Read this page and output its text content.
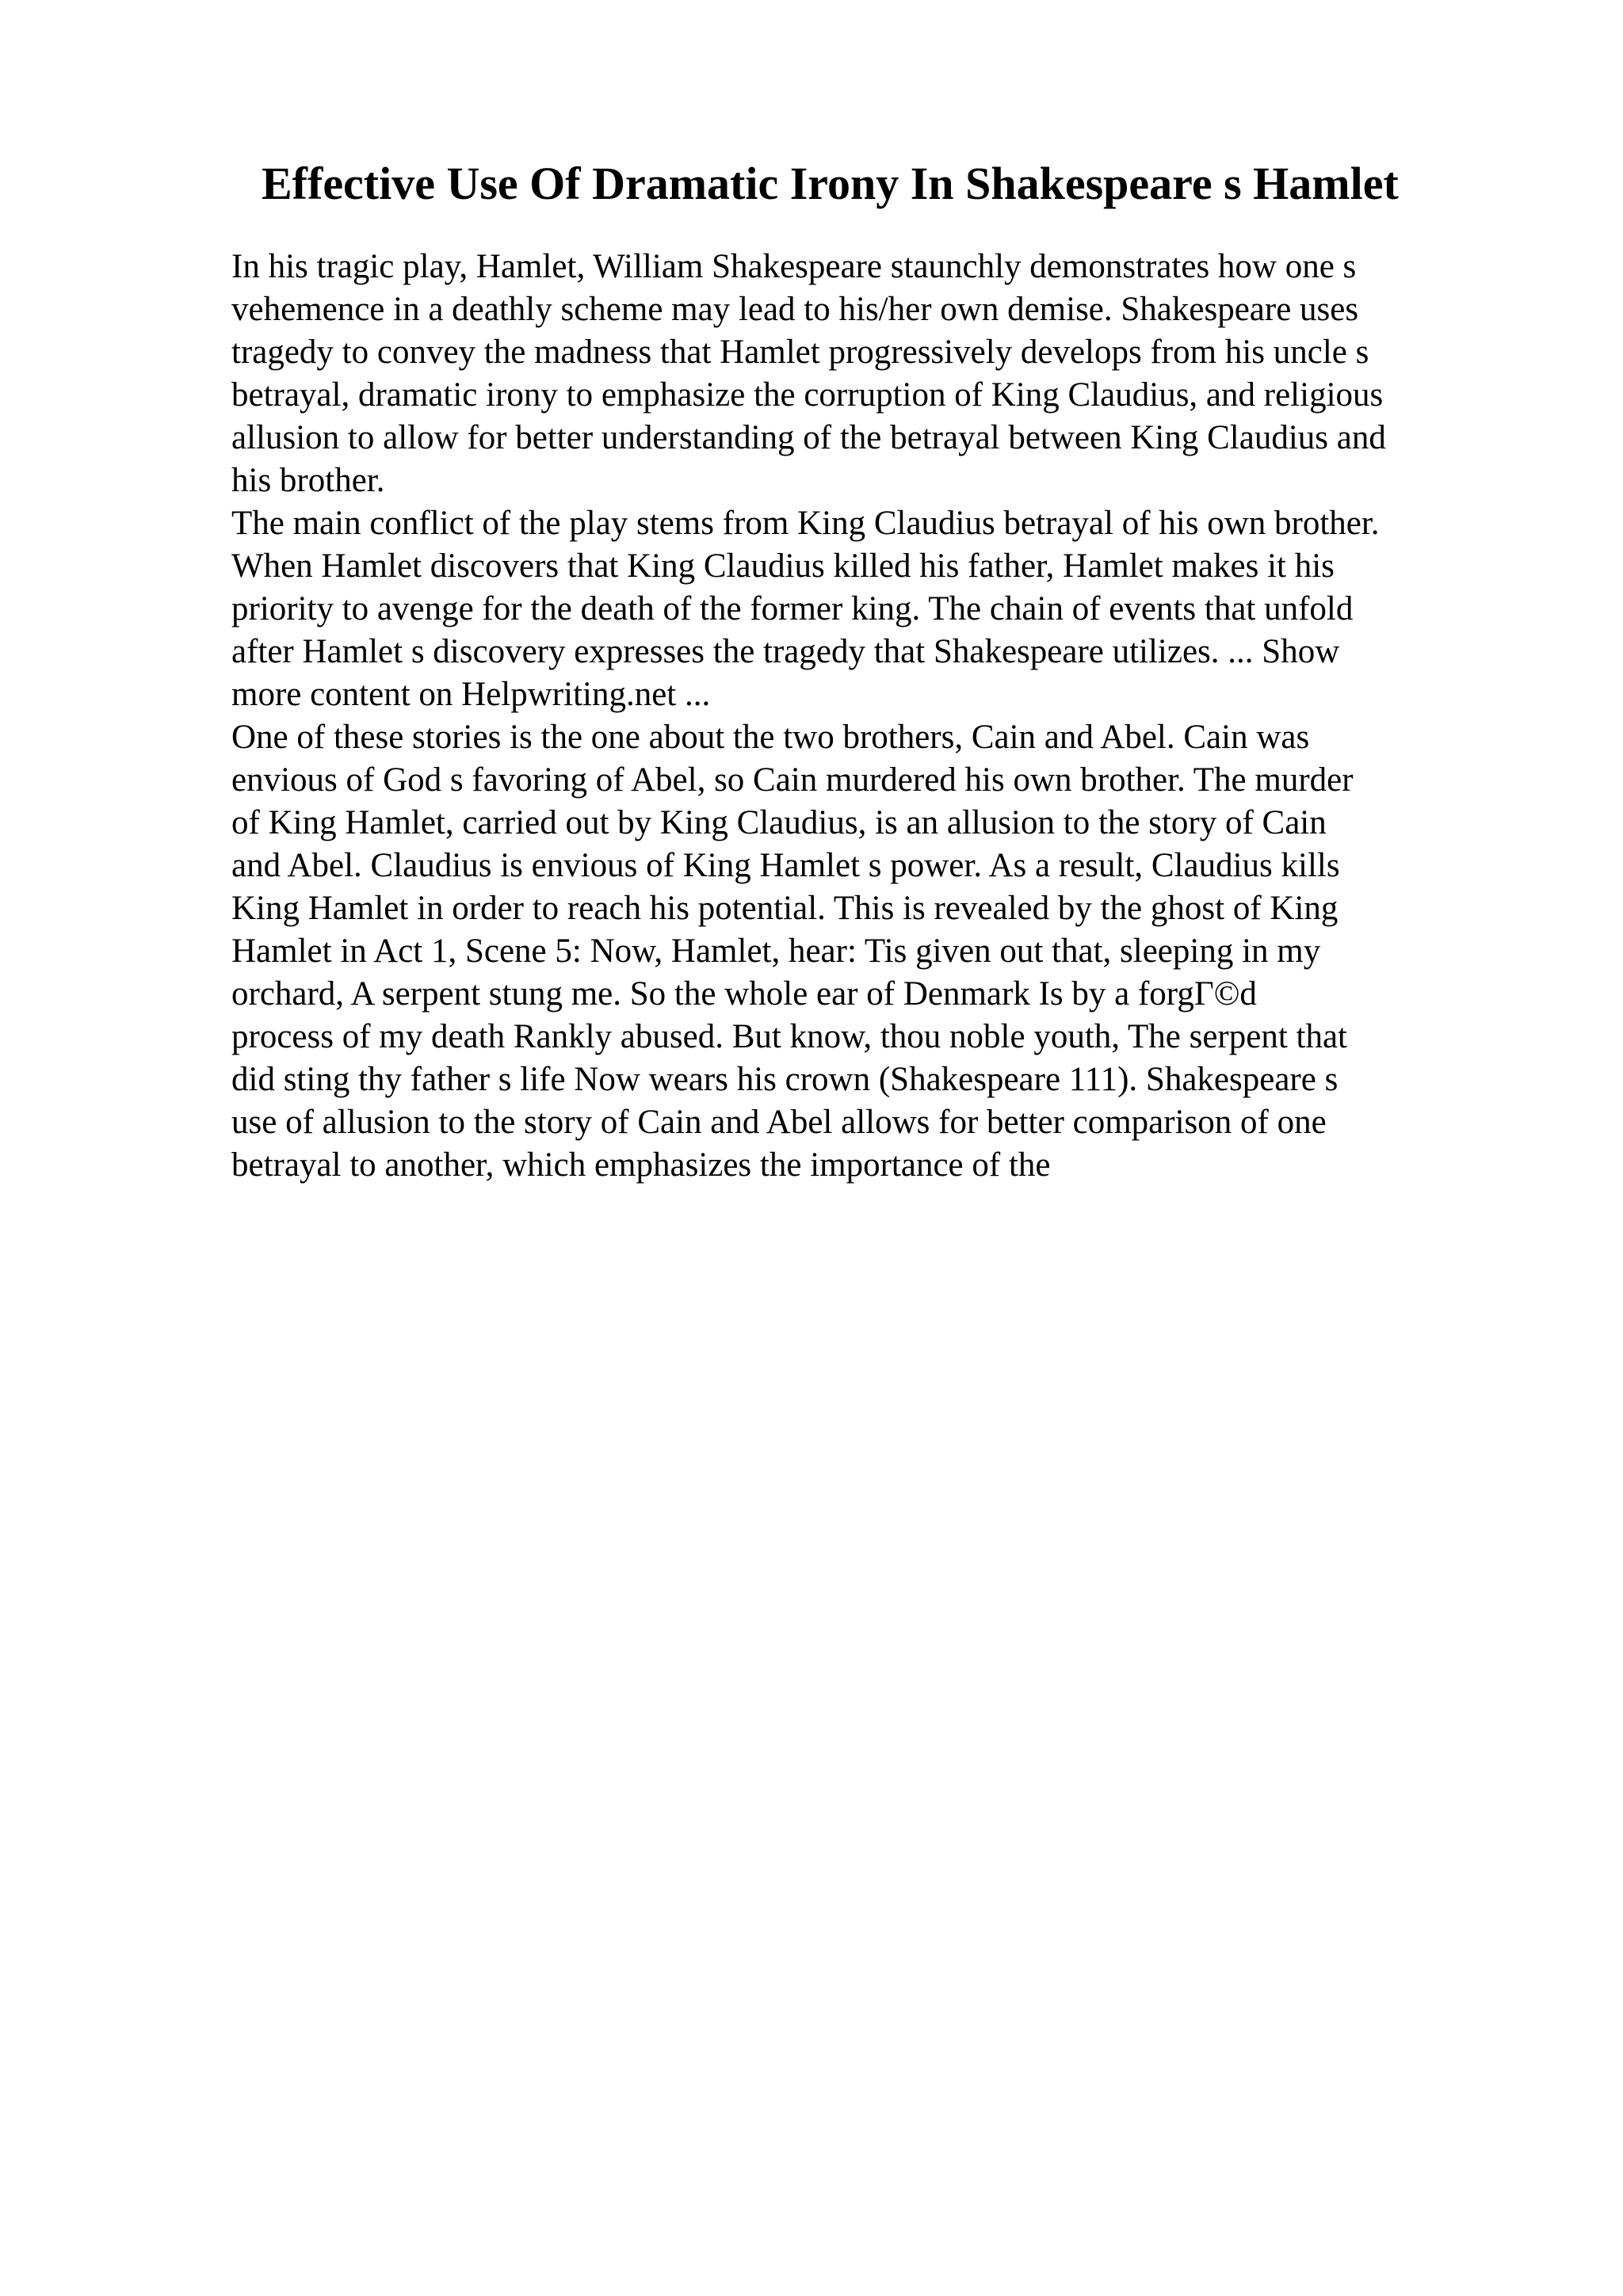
Effective Use Of Dramatic Irony In Shakespeare s Hamlet
In his tragic play, Hamlet, William Shakespeare staunchly demonstrates how one s
vehemence in a deathly scheme may lead to his/her own demise. Shakespeare uses
tragedy to convey the madness that Hamlet progressively develops from his uncle s
betrayal, dramatic irony to emphasize the corruption of King Claudius, and religious
allusion to allow for better understanding of the betrayal between King Claudius and
his brother.
The main conflict of the play stems from King Claudius betrayal of his own brother.
When Hamlet discovers that King Claudius killed his father, Hamlet makes it his
priority to avenge for the death of the former king. The chain of events that unfold
after Hamlet s discovery expresses the tragedy that Shakespeare utilizes. ... Show
more content on Helpwriting.net ...
One of these stories is the one about the two brothers, Cain and Abel. Cain was
envious of God s favoring of Abel, so Cain murdered his own brother. The murder
of King Hamlet, carried out by King Claudius, is an allusion to the story of Cain
and Abel. Claudius is envious of King Hamlet s power. As a result, Claudius kills
King Hamlet in order to reach his potential. This is revealed by the ghost of King
Hamlet in Act 1, Scene 5: Now, Hamlet, hear: Tis given out that, sleeping in my
orchard, A serpent stung me. So the whole ear of Denmark Is by a forgΓ©d
process of my death Rankly abused. But know, thou noble youth, The serpent that
did sting thy father s life Now wears his crown (Shakespeare 111). Shakespeare s
use of allusion to the story of Cain and Abel allows for better comparison of one
betrayal to another, which emphasizes the importance of the
